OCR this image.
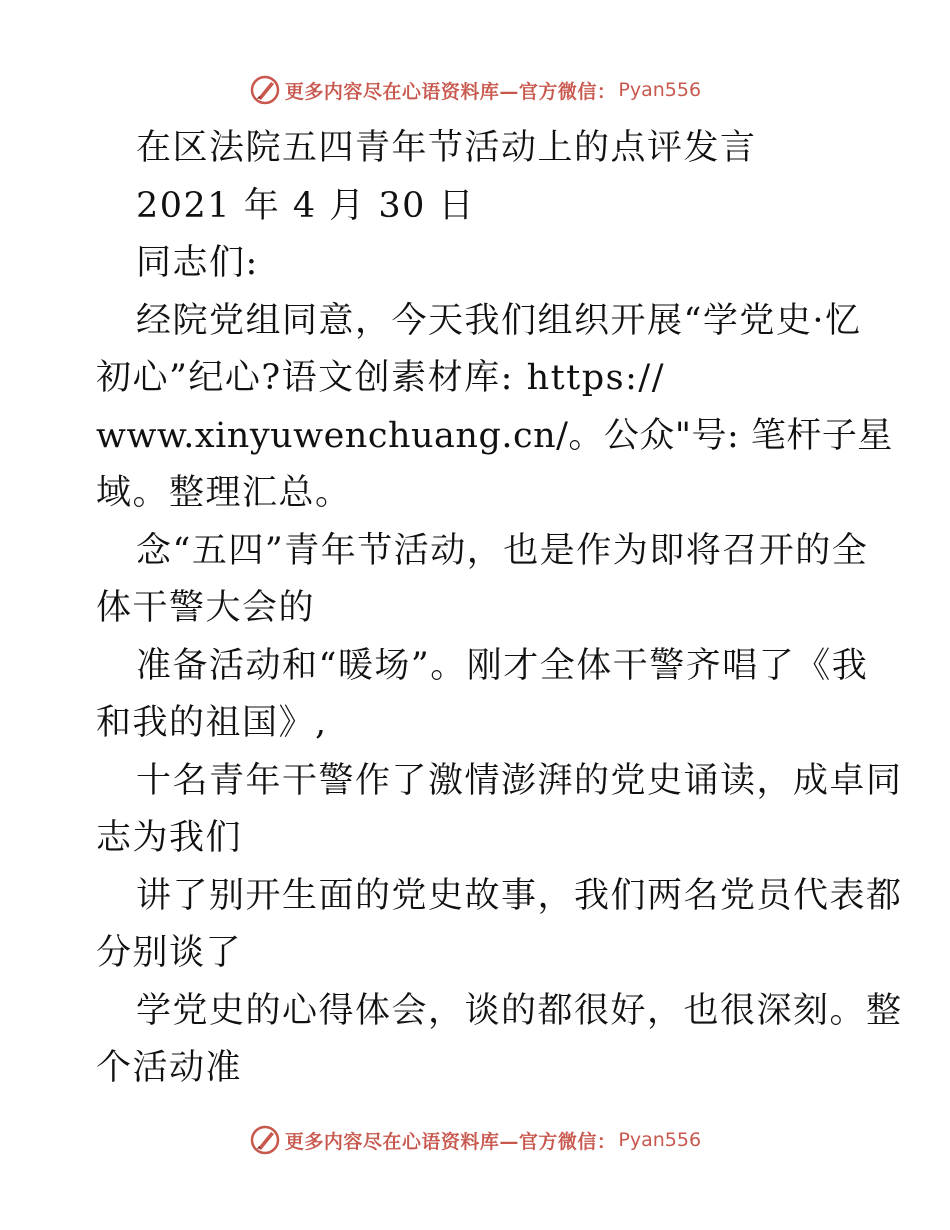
更多内容尽在心语资料库—官方微信： Pyan556
在区法院五四青年节活动上的点评发言
2021 年 4 月 30 日
同志们:
经院党组同意，今天我们组织开展“学党史·忆
初心”纪心?语文创素材库: https://
www.xinyuwenchuang.cn/。公众"号: 笔杆子星
域。整理汇总。
念“五四”青年节活动，也是作为即将召开的全
体干警大会的
准备活动和“暖场”。刚才全体干警齐唱了《我
和我的祖国》,
十名青年干警作了激情澎湃的党史诵读，成卓同
志为我们
讲了别开生面的党史故事，我们两名党员代表都
分别谈了
学党史的心得体会，谈的都很好，也很深刻。整
个活动准
更多内容尽在心语资料库—官方微信： Pyan556
